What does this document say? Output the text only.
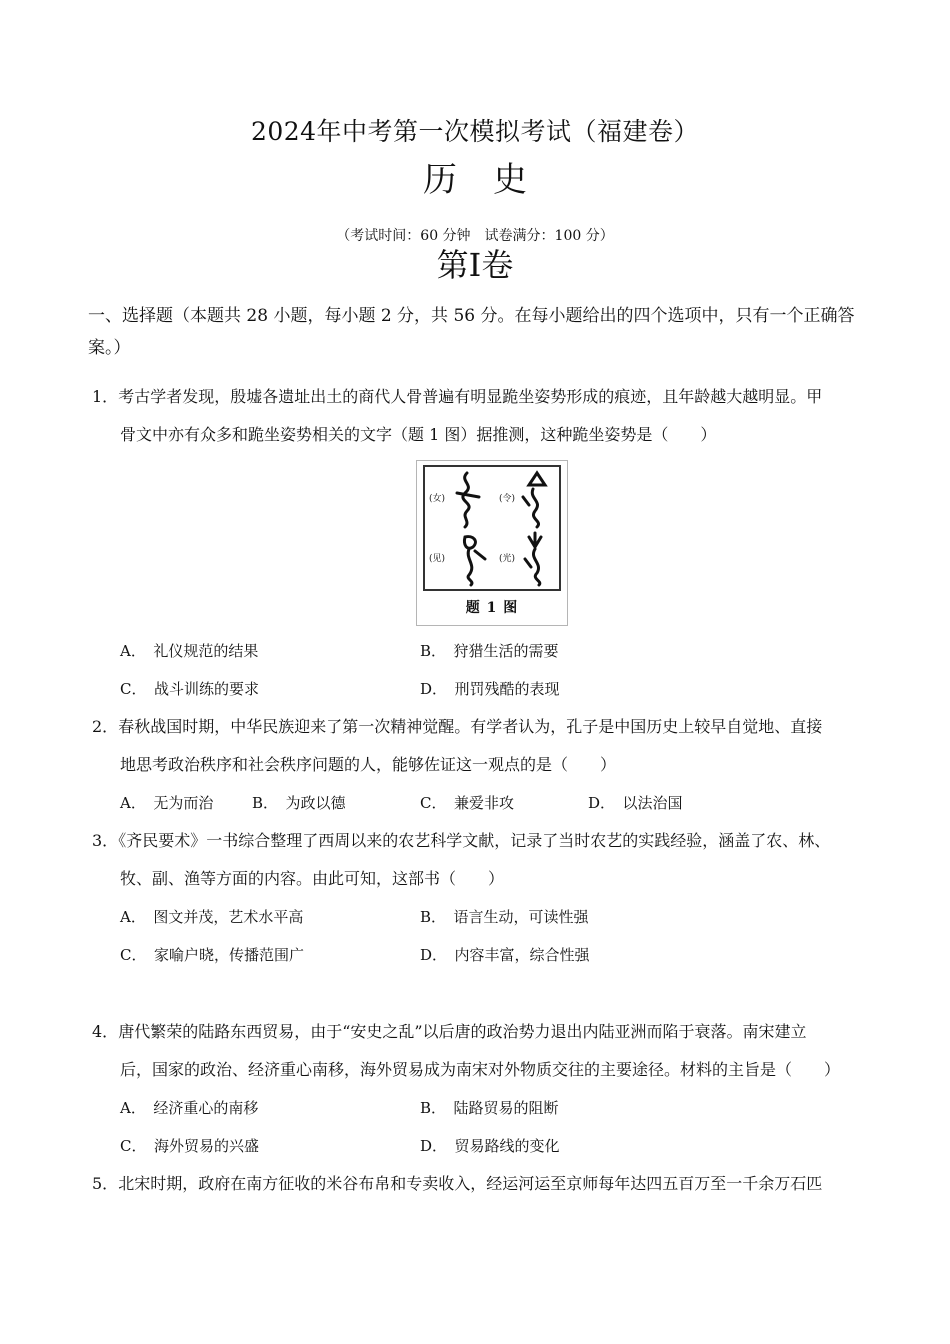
2024年中考第一次模拟考试（福建卷）
历史
（考试时间：60 分钟　试卷满分：100 分）
第Ⅰ卷
一、选择题（本题共 28 小题，每小题 2 分，共 56 分。在每小题给出的四个选项中，只有一个正确答案。）
1．考古学者发现，殷墟各遗址出土的商代人骨普遍有明显跪坐姿势形成的痕迹，且年龄越大越明显。甲
骨文中亦有众多和跪坐姿势相关的文字（题 1 图）据推测，这种跪坐姿势是（　　）
(女)	(令)
(见)	(光)
题 1 图
A．　礼仪规范的结果	B．　狩猎生活的需要
C．　战斗训练的要求	D．　刑罚残酷的表现
2．春秋战国时期，中华民族迎来了第一次精神觉醒。有学者认为，孔子是中国历史上较早自觉地、直接
地思考政治秩序和社会秩序问题的人，能够佐证这一观点的是（　　）
A．　无为而治	B．　为政以德	C．　兼爱非攻	D．　以法治国
3．《齐民要术》一书综合整理了西周以来的农艺科学文献，记录了当时农艺的实践经验，涵盖了农、林、
牧、副、渔等方面的内容。由此可知，这部书（　　）
A．　图文并茂，艺术水平高	B．　语言生动，可读性强
C．　家喻户晓，传播范围广	D．　内容丰富，综合性强
4．唐代繁荣的陆路东西贸易，由于“安史之乱”以后唐的政治势力退出内陆亚洲而陷于衰落。南宋建立
后，国家的政治、经济重心南移，海外贸易成为南宋对外物质交往的主要途径。材料的主旨是（　　）
A．　经济重心的南移	B．　陆路贸易的阻断
C．　海外贸易的兴盛	D．　贸易路线的变化
5．北宋时期，政府在南方征收的米谷布帛和专卖收入，经运河运至京师每年达四五百万至一千余万石匹
